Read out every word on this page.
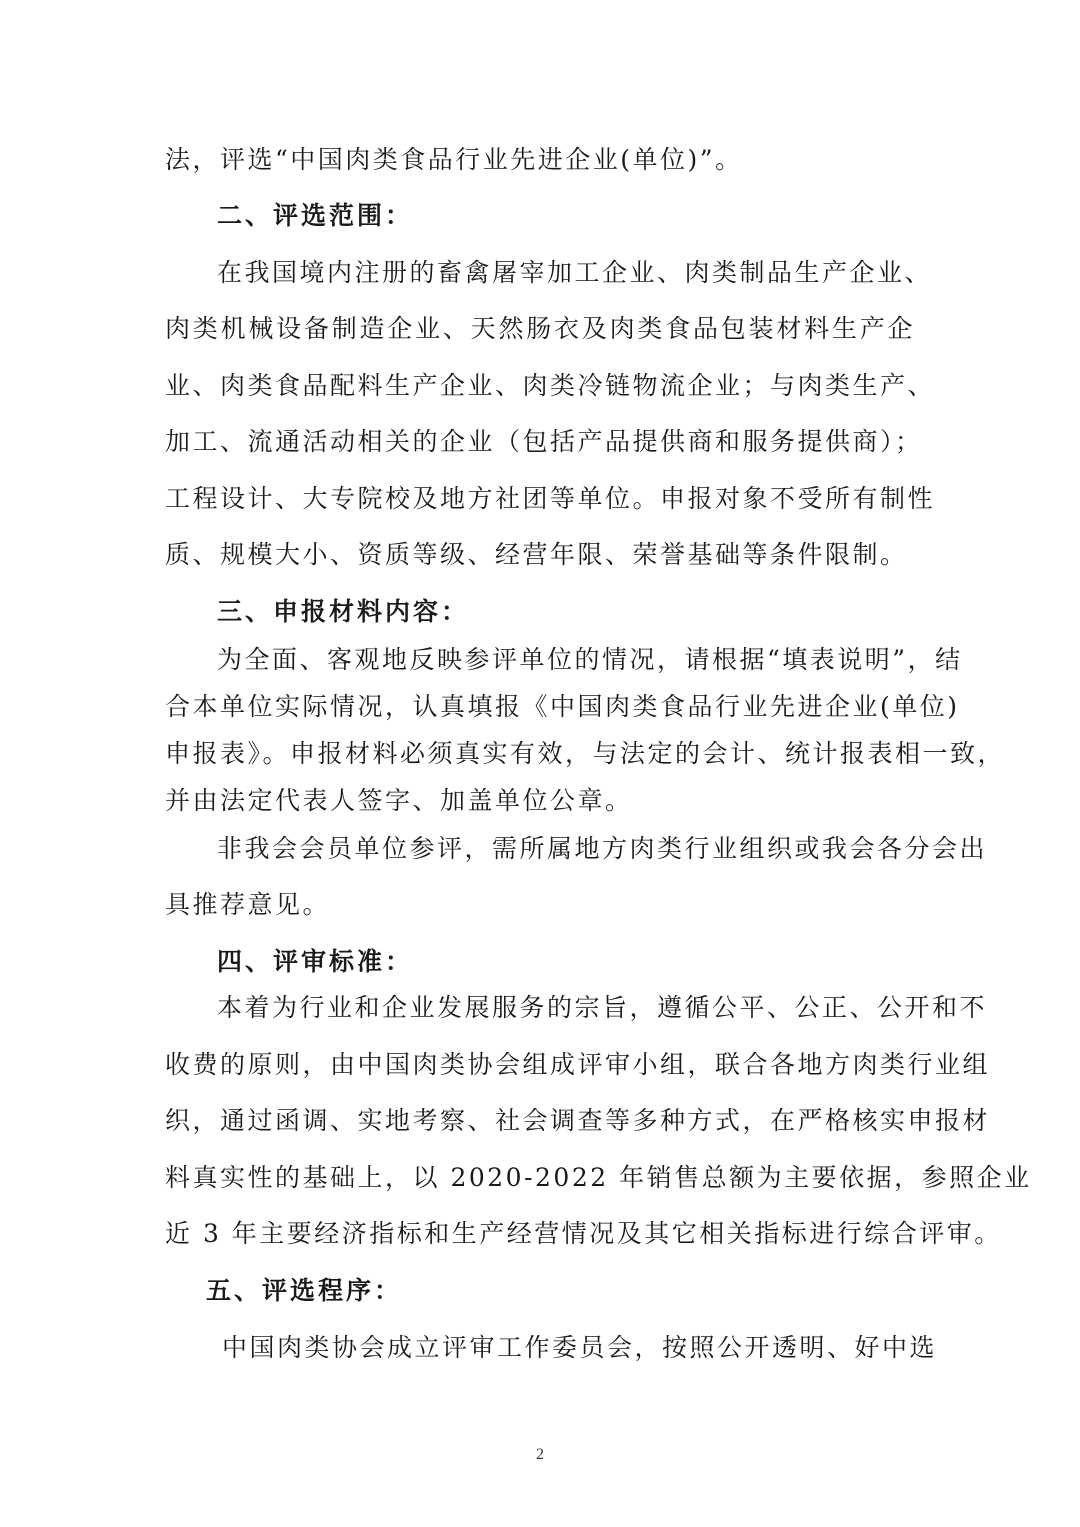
法，评选“中国肉类食品行业先进企业(单位)”。
二、评选范围：
在我国境内注册的畜禽屠宰加工企业、肉类制品生产企业、
肉类机械设备制造企业、天然肠衣及肉类食品包装材料生产企
业、肉类食品配料生产企业、肉类冷链物流企业；与肉类生产、
加工、流通活动相关的企业（包括产品提供商和服务提供商）；
工程设计、大专院校及地方社团等单位。申报对象不受所有制性
质、规模大小、资质等级、经营年限、荣誉基础等条件限制。
三、申报材料内容：
为全面、客观地反映参评单位的情况，请根据“填表说明”，结
合本单位实际情况，认真填报《中国肉类食品行业先进企业(单位)
申报表》。申报材料必须真实有效，与法定的会计、统计报表相一致，
并由法定代表人签字、加盖单位公章。
非我会会员单位参评，需所属地方肉类行业组织或我会各分会出
具推荐意见。
四、评审标准：
本着为行业和企业发展服务的宗旨，遵循公平、公正、公开和不
收费的原则，由中国肉类协会组成评审小组，联合各地方肉类行业组
织，通过函调、实地考察、社会调查等多种方式，在严格核实申报材
料真实性的基础上，以 2020-2022 年销售总额为主要依据，参照企业
近 3 年主要经济指标和生产经营情况及其它相关指标进行综合评审。
五、评选程序：
中国肉类协会成立评审工作委员会，按照公开透明、好中选
2
